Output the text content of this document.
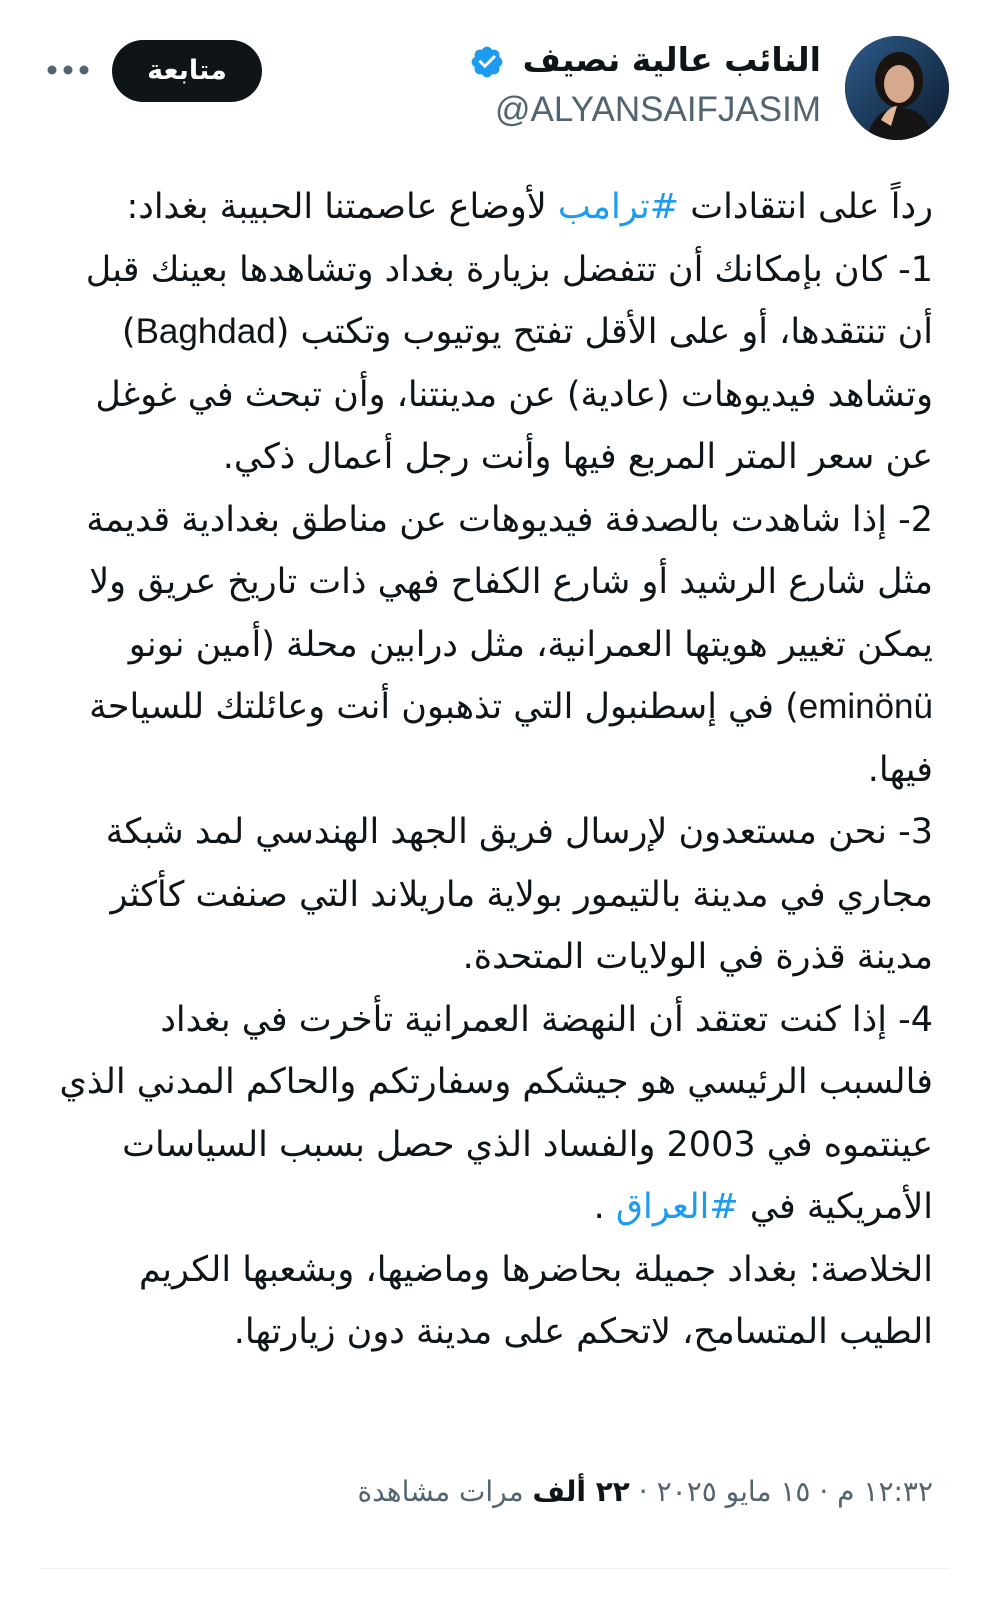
النائب عالية نصيف
@ALYANSAIFJASIM
متابعة

رداً على انتقادات #ترامب لأوضاع عاصمتنا الحبيبة بغداد:

1- كان بإمكانك أن تتفضل بزيارة بغداد وتشاهدها بعينك قبل أن تنتقدها، أو على الأقل تفتح يوتيوب وتكتب (Baghdad) وتشاهد فيديوهات (عادية) عن مدينتنا، وأن تبحث في غوغل عن سعر المتر المربع فيها وأنت رجل أعمال ذكي.

2- إذا شاهدت بالصدفة فيديوهات عن مناطق بغدادية قديمة مثل شارع الرشيد أو شارع الكفاح فهي ذات تاريخ عريق ولا يمكن تغيير هويتها العمرانية، مثل درابين محلة (أمين نونو eminönü) في إسطنبول التي تذهبون أنت وعائلتك للسياحة فيها.

3- نحن مستعدون لإرسال فريق الجهد الهندسي لمد شبكة مجاري في مدينة بالتيمور بولاية ماريلاند التي صنفت كأكثر مدينة قذرة في الولايات المتحدة.

4- إذا كنت تعتقد أن النهضة العمرانية تأخرت في بغداد فالسبب الرئيسي هو جيشكم وسفارتكم والحاكم المدني الذي عينتموه في 2003 والفساد الذي حصل بسبب السياسات الأمريكية في #العراق .

الخلاصة: بغداد جميلة بحاضرها وماضيها، وبشعبها الكريم الطيب المتسامح، لاتحكم على مدينة دون زيارتها.

١٢:٣٢ م · ١٥ مايو ٢٠٢٥ · ٢٢ ألف مرات مشاهدة
